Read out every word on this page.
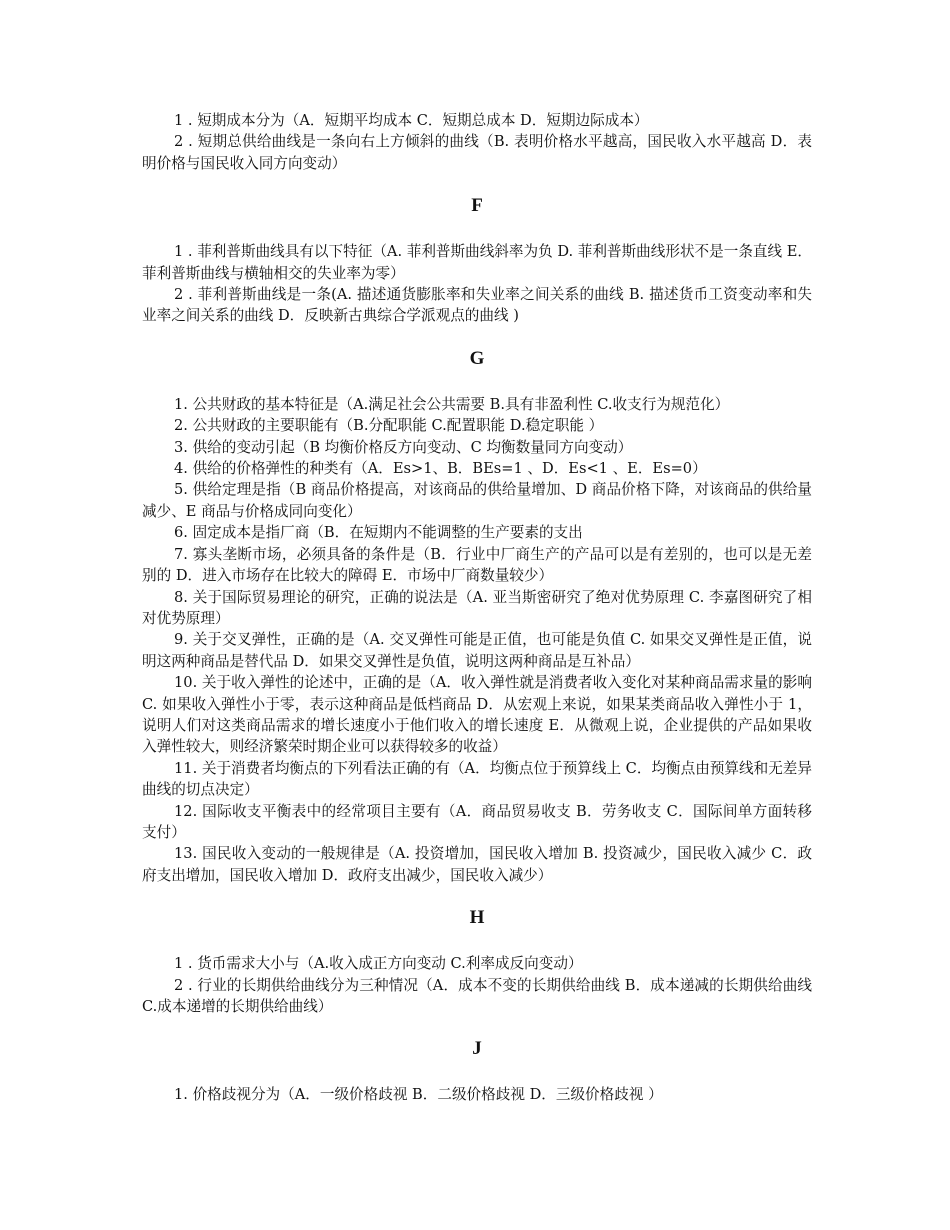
1 . 短期成本分为（A．短期平均成本 C．短期总成本 D．短期边际成本）

2 . 短期总供给曲线是一条向右上方倾斜的曲线（B. 表明价格水平越高，国民收入水平越高 D．表明价格与国民收入同方向变动）

F

1 . 菲利普斯曲线具有以下特征（A. 菲利普斯曲线斜率为负 D. 菲利普斯曲线形状不是一条直线 E．菲利普斯曲线与横轴相交的失业率为零）

2 . 菲利普斯曲线是一条(A. 描述通货膨胀率和失业率之间关系的曲线 B. 描述货币工资变动率和失业率之间关系的曲线 D．反映新古典综合学派观点的曲线 )

G

1. 公共财政的基本特征是（A.满足社会公共需要 B.具有非盈利性 C.收支行为规范化）

2. 公共财政的主要职能有（B.分配职能 C.配置职能 D.稳定职能 ）

3. 供给的变动引起（B 均衡价格反方向变动、C 均衡数量同方向变动）

4. 供给的价格弹性的种类有（A．Es>1、B．BEs=1 、D．Es<1 、E．Es=0）

5. 供给定理是指（B 商品价格提高，对该商品的供给量增加、D 商品价格下降，对该商品的供给量减少、E 商品与价格成同向变化）

6. 固定成本是指厂商（B．在短期内不能调整的生产要素的支出

7. 寡头垄断市场，必须具备的条件是（B．行业中厂商生产的产品可以是有差别的，也可以是无差别的 D．进入市场存在比较大的障碍 E．市场中厂商数量较少）

8. 关于国际贸易理论的研究，正确的说法是（A. 亚当斯密研究了绝对优势原理 C. 李嘉图研究了相对优势原理）

9. 关于交叉弹性，正确的是（A. 交叉弹性可能是正值，也可能是负值 C. 如果交叉弹性是正值，说明这两种商品是替代品 D．如果交叉弹性是负值，说明这两种商品是互补品）

10. 关于收入弹性的论述中，正确的是（A．收入弹性就是消费者收入变化对某种商品需求量的影响 C. 如果收入弹性小于零，表示这种商品是低档商品 D．从宏观上来说，如果某类商品收入弹性小于 1，说明人们对这类商品需求的增长速度小于他们收入的增长速度 E．从微观上说，企业提供的产品如果收入弹性较大，则经济繁荣时期企业可以获得较多的收益）

11. 关于消费者均衡点的下列看法正确的有（A．均衡点位于预算线上 C．均衡点由预算线和无差异曲线的切点决定）

12. 国际收支平衡表中的经常项目主要有（A．商品贸易收支 B．劳务收支 C．国际间单方面转移支付）

13. 国民收入变动的一般规律是（A. 投资增加，国民收入增加 B. 投资减少，国民收入减少 C．政府支出增加，国民收入增加 D．政府支出减少，国民收入减少）

H

1 . 货币需求大小与（A.收入成正方向变动 C.利率成反向变动）

2 . 行业的长期供给曲线分为三种情况（A．成本不变的长期供给曲线 B．成本递减的长期供给曲线 C.成本递增的长期供给曲线）

J

1. 价格歧视分为（A．一级价格歧视 B．二级价格歧视 D．三级价格歧视 ）
